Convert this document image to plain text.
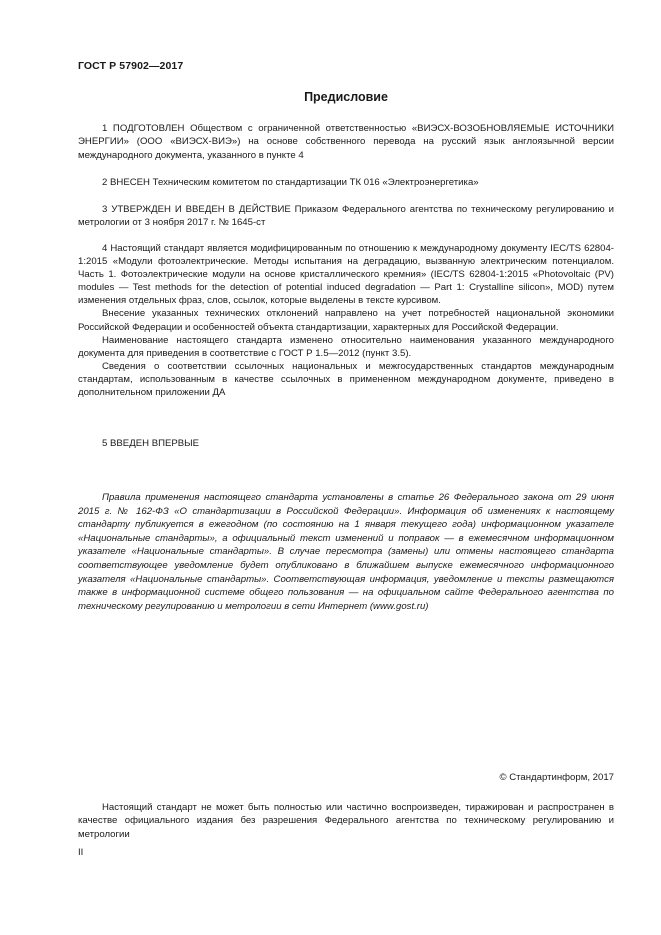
ГОСТ Р 57902—2017
Предисловие
1 ПОДГОТОВЛЕН Обществом с ограниченной ответственностью «ВИЭСХ-ВОЗОБНОВЛЯЕМЫЕ ИСТОЧНИКИ ЭНЕРГИИ» (ООО «ВИЭСХ-ВИЭ») на основе собственного перевода на русский язык англоязычной версии международного документа, указанного в пункте 4
2 ВНЕСЕН Техническим комитетом по стандартизации ТК 016 «Электроэнергетика»
3 УТВЕРЖДЕН И ВВЕДЕН В ДЕЙСТВИЕ Приказом Федерального агентства по техническому регулированию и метрологии от 3 ноября 2017 г. № 1645-ст

4 Настоящий стандарт является модифицированным по отношению к международному документу IEC/TS 62804-1:2015 «Модули фотоэлектрические. Методы испытания на деградацию, вызванную электрическим потенциалом. Часть 1. Фотоэлектрические модули на основе кристаллического кремния» (IEC/TS 62804-1:2015 «Photovoltaic (PV) modules — Test methods for the detection of potential induced degradation — Part 1: Crystalline silicon», MOD) путем изменения отдельных фраз, слов, ссылок, которые выделены в тексте курсивом.

Внесение указанных технических отклонений направлено на учет потребностей национальной экономики Российской Федерации и особенностей объекта стандартизации, характерных для Российской Федерации.

Наименование настоящего стандарта изменено относительно наименования указанного международного документа для приведения в соответствие с ГОСТ Р 1.5—2012 (пункт 3.5).

Сведения о соответствии ссылочных национальных и межгосударственных стандартов международным стандартам, использованным в качестве ссылочных в примененном международном документе, приведено в дополнительном приложении ДА

5 ВВЕДЕН ВПЕРВЫЕ

Правила применения настоящего стандарта установлены в статье 26 Федерального закона от 29 июня 2015 г. № 162-ФЗ «О стандартизации в Российской Федерации». Информация об изменениях к настоящему стандарту публикуется в ежегодном (по состоянию на 1 января текущего года) информационном указателе «Национальные стандарты», а официальный текст изменений и поправок — в ежемесячном информационном указателе «Национальные стандарты». В случае пересмотра (замены) или отмены настоящего стандарта соответствующее уведомление будет опубликовано в ближайшем выпуске ежемесячного информационного указателя «Национальные стандарты». Соответствующая информация, уведомление и тексты размещаются также в информационной системе общего пользования — на официальном сайте Федерального агентства по техническому регулированию и метрологии в сети Интернет (www.gost.ru)

© Стандартинформ, 2017

Настоящий стандарт не может быть полностью или частично воспроизведен, тиражирован и распространен в качестве официального издания без разрешения Федерального агентства по техническому регулированию и метрологии

II
